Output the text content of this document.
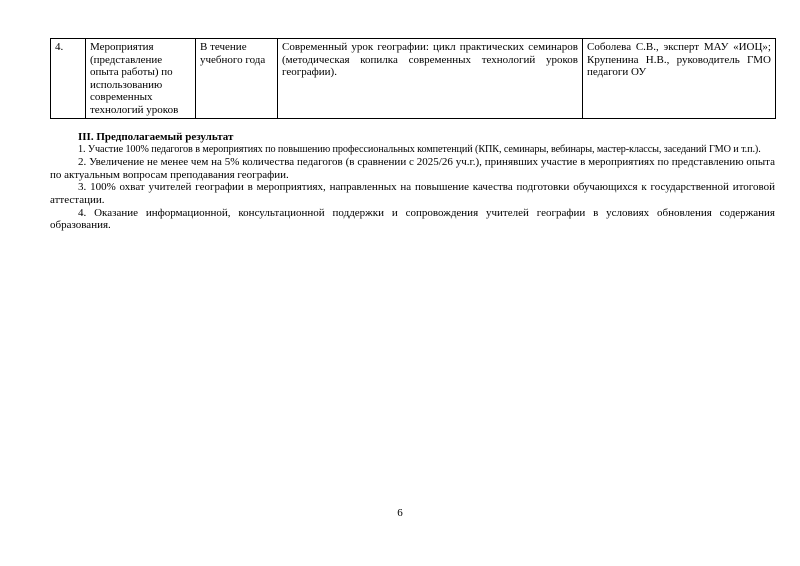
4.	Мероприятия (представление опыта работы) по использованию современных технологий уроков	В течение учебного года	Современный урок географии: цикл практических семинаров (методическая копилка современных технологий уроков географии).	Соболева С.В., эксперт МАУ «ИОЦ»; Крупенина Н.В., руководитель ГМО педагоги ОУ

III. Предполагаемый результат

1. Участие 100% педагогов в мероприятиях по повышению профессиональных компетенций (КПК, семинары, вебинары, мастер-классы, заседаний ГМО и т.п.).

2. Увеличение не менее чем на 5% количества педагогов (в сравнении с 2025/26 уч.г.), принявших участие в мероприятиях по представлению опыта по актуальным вопросам преподавания географии.

3. 100% охват учителей географии в мероприятиях, направленных на повышение качества подготовки обучающихся к государственной итоговой аттестации.

4. Оказание информационной, консультационной поддержки и сопровождения учителей географии в условиях обновления содержания образования.

6
